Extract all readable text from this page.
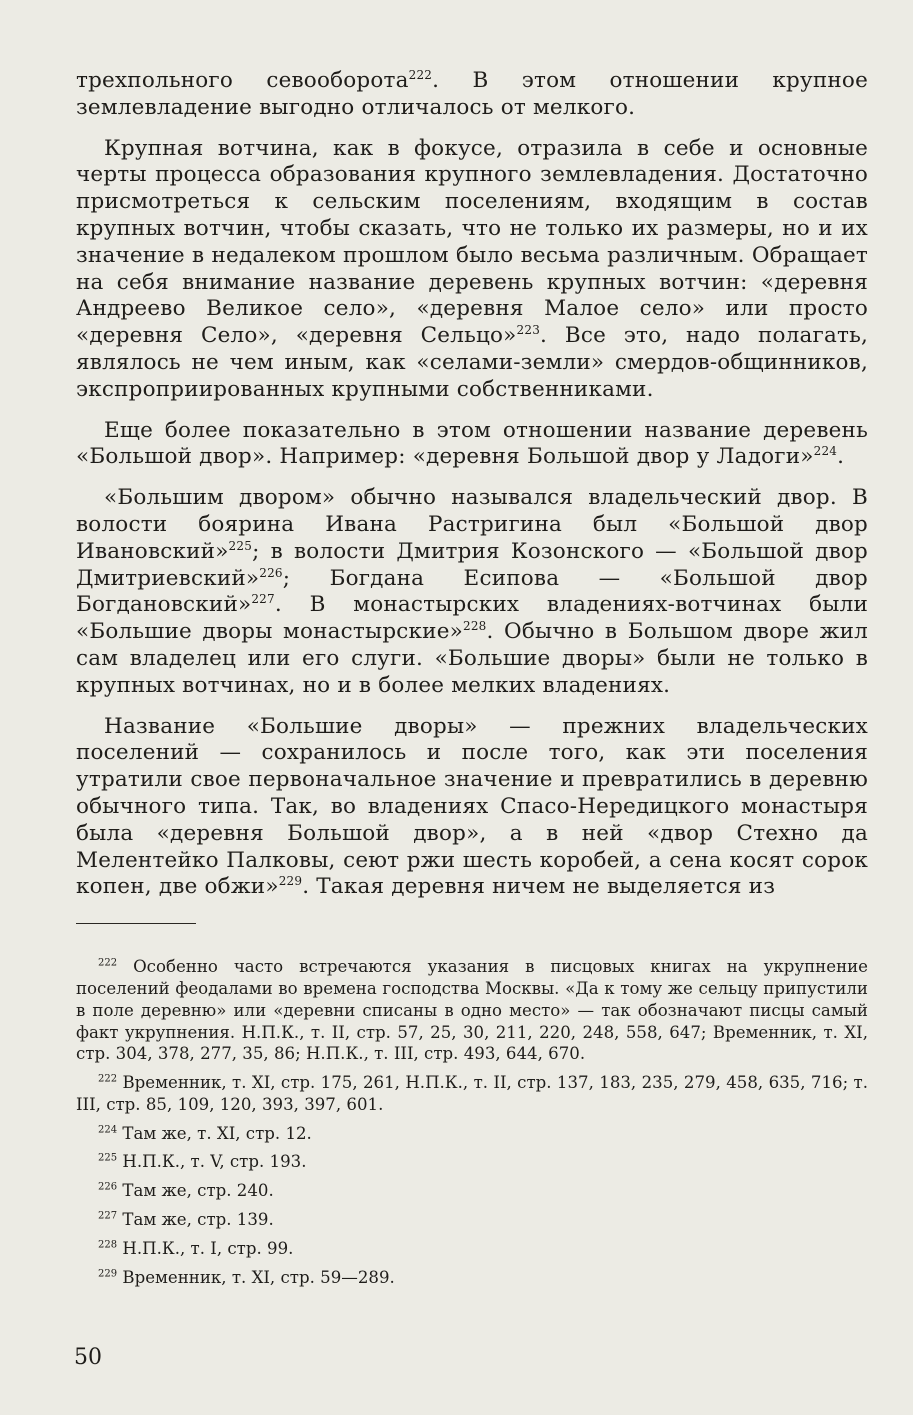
трехпольного севооборота$^{222}$. В этом отношении крупное землевладение выгодно отличалось от мелкого.

Крупная вотчина, как в фокусе, отразила в себе и основные черты процесса образования крупного землевладения. Достаточно присмотреться к сельским поселениям, входящим в состав крупных вотчин, чтобы сказать, что не только их размеры, но и их значение в недалеком прошлом было весьма различным. Обращает на себя внимание название деревень крупных вотчин: «деревня Андреево Великое село», «деревня Малое село» или просто «деревня Село», «деревня Сельцо»$^{223}$. Все это, надо полагать, являлось не чем иным, как «селами-земли» смердов-общинников, экспроприированных крупными собственниками.

Еще более показательно в этом отношении название деревень «Большой двор». Например: «деревня Большой двор у Ладоги»$^{224}$.

«Большим двором» обычно назывался владельческий двор. В волости боярина Ивана Растригина был «Большой двор Ивановский»$^{225}$; в волости Дмитрия Козонского — «Большой двор Дмитриевский»$^{226}$; Богдана Есипова — «Большой двор Богдановский»$^{227}$. В монастырских владениях-вотчинах были «Большие дворы монастырские»$^{228}$. Обычно в Большом дворе жил сам владелец или его слуги. «Большие дворы» были не только в крупных вотчинах, но и в более мелких владениях.

Название «Большие дворы» — прежних владельческих поселений — сохранилось и после того, как эти поселения утратили свое первоначальное значение и превратились в деревню обычного типа. Так, во владениях Спасо-Нередицкого монастыря была «деревня Большой двор», а в ней «двор Стехно да Мелентейко Палковы, сеют ржи шесть коробей, а сена косят сорок копен, две обжи»$^{229}$. Такая деревня ничем не выделяется из

$^{222}$ Особенно часто встречаются указания в писцовых книгах на укрупнение поселений феодалами во времена господства Москвы. «Да к тому же сельцу припустили в поле деревню» или «деревни списаны в одно место» — так обозначают писцы самый факт укрупнения. Н.П.К., т. II, стр. 57, 25, 30, 211, 220, 248, 558, 647; Временник, т. XI, стр. 304, 378, 277, 35, 86; Н.П.К., т. III, стр. 493, 644, 670.
$^{222}$ Временник, т. XI, стр. 175, 261, Н.П.К., т. II, стр. 137, 183, 235, 279, 458, 635, 716; т. III, стр. 85, 109, 120, 393, 397, 601.
$^{224}$ Там же, т. XI, стр. 12.
$^{225}$ Н.П.К., т. V, стр. 193.
$^{226}$ Там же, стр. 240.
$^{227}$ Там же, стр. 139.
$^{228}$ Н.П.К., т. I, стр. 99.
$^{229}$ Временник, т. XI, стр. 59—289.
50
